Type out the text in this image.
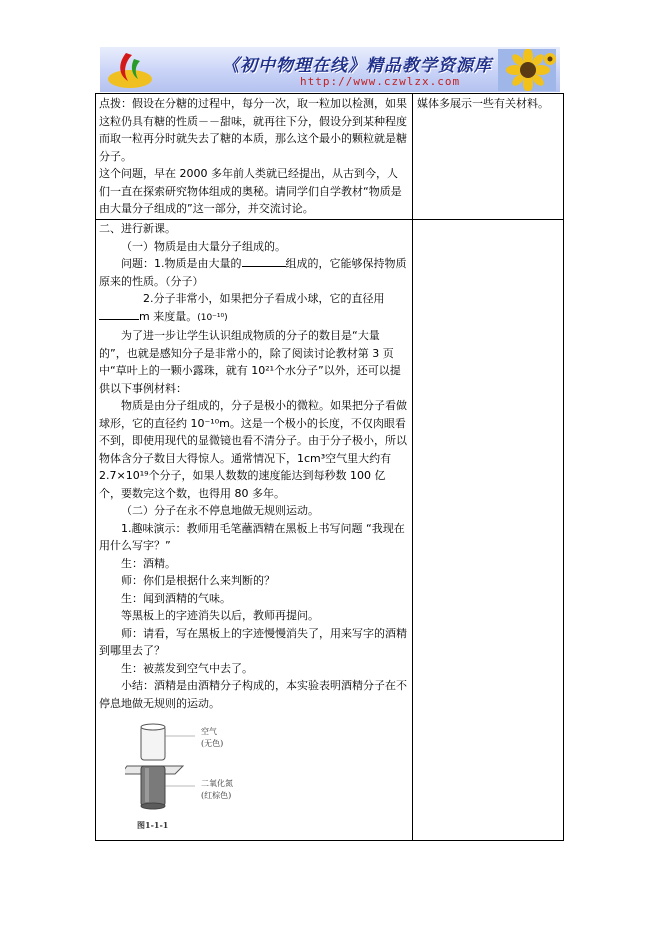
《初中物理在线》精品教学资源库
http://www.czwlzx.com

点拨：假设在分糖的过程中，每分一次，取一粒加以检测，如果这粒仍具有糖的性质－－甜味，就再往下分，假设分到某种程度而取一粒再分时就失去了糖的本质，那么这个最小的颗粒就是糖分子。

这个问题，早在 2000 多年前人类就已经提出，从古到今，人们一直在探索研究物体组成的奥秘。请同学们自学教材“物质是由大量分子组成的”这一部分，并交流讨论。

媒体多展示一些有关材料。

二、进行新课。

（一）物质是由大量分子组成的。

问题：1.物质是由大量的	组成的，它能够保持物质原来的性质。（分子）

2.分子非常小，如果把分子看成小球，它的直径用

m 来度量。(10⁻¹⁰)

为了进一步让学生认识组成物质的分子的数目是“大量的”，也就是感知分子是非常小的，除了阅读讨论教材第 3 页中“草叶上的一颗小露珠，就有 10²¹个水分子”以外，还可以提供以下事例材料：

物质是由分子组成的，分子是极小的微粒。如果把分子看做球形，它的直径约 10⁻¹⁰m。这是一个极小的长度，不仅肉眼看不到，即使用现代的显微镜也看不清分子。由于分子极小，所以物体含分子数目大得惊人。通常情况下，1cm³空气里大约有 2.7×10¹⁹个分子，如果人数数的速度能达到每秒数 100 亿个，要数完这个数，也得用 80 多年。

（二）分子在永不停息地做无规则运动。

1.趣味演示：教师用毛笔蘸酒精在黑板上书写问题 “我现在用什么写字？”

生：酒精。

师：你们是根据什么来判断的？

生：闻到酒精的气味。

等黑板上的字迹消失以后，教师再提问。

师：请看，写在黑板上的字迹慢慢消失了，用来写字的酒精到哪里去了？

生：被蒸发到空气中去了。

小结：酒精是由酒精分子构成的，本实验表明酒精分子在不停息地做无规则的运动。

空气
(无色)
二氧化氮
(红棕色)
图1-1-1
